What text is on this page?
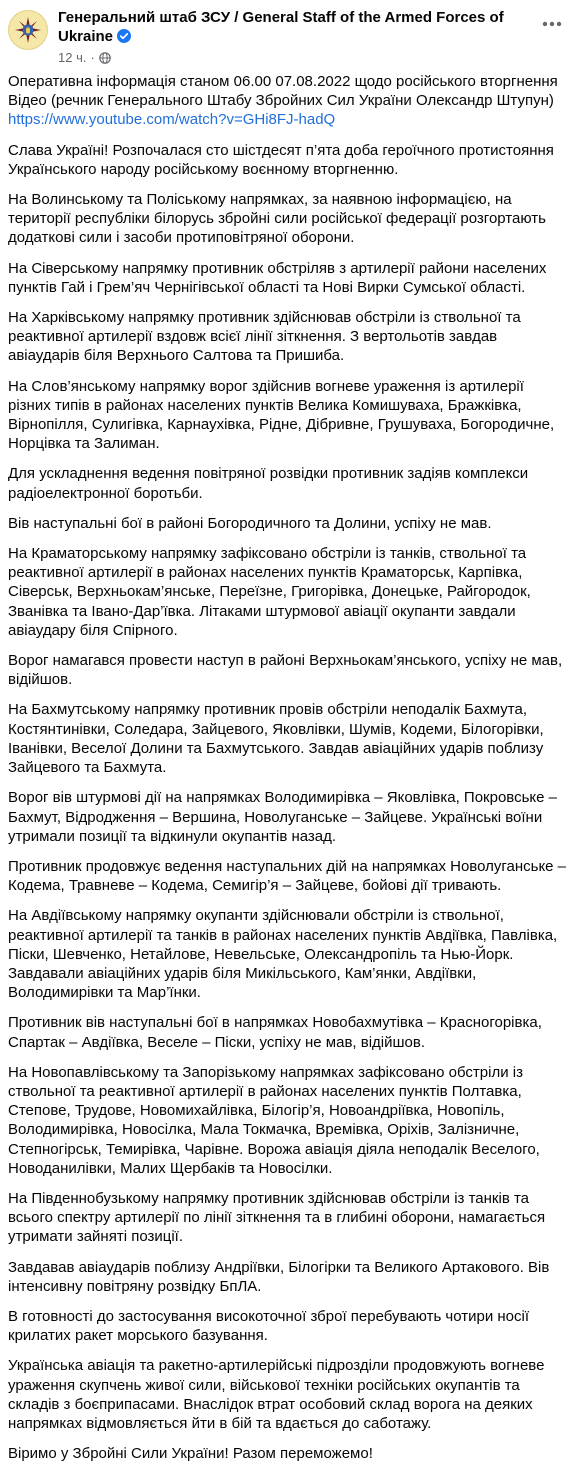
Генеральний штаб ЗСУ / General Staff of the Armed Forces of Ukraine
12 ч. ·

Оперативна інформація станом 06.00 07.08.2022 щодо російського вторгнення Відео (речник Генерального Штабу Збройних Сил України Олександр Штупун)
https://www.youtube.com/watch?v=GHi8FJ-hadQ

Слава Україні! Розпочалася сто шістдесят п’ята доба героїчного протистояння Українського народу російському воєнному вторгненню.

На Волинському та Поліському напрямках, за наявною інформацією, на території республіки білорусь збройні сили російської федерації розгортають додаткові сили і засоби протиповітряної оборони.

На Сіверському напрямку противник обстріляв з артилерії райони населених пунктів Гай і Грем’яч Чернігівської області та Нові Вирки Сумської області.

На Харківському напрямку противник здійснював обстріли із ствольної та реактивної артилерії вздовж всієї лінії зіткнення. З вертольотів завдав авіаударів біля Верхнього Салтова та Пришиба.

На Слов’янському напрямку ворог здійснив вогневе ураження із артилерії різних типів в районах населених пунктів Велика Комишуваха, Бражківка, Вірнопілля, Сулигівка, Карнаухівка, Рідне, Дібривне, Грушуваха, Богородичне, Норцівка та Залиман.

Для ускладнення ведення повітряної розвідки противник задіяв комплекси радіоелектронної боротьби.

Вів наступальні бої в районі Богородичного та Долини, успіху не мав.

На Краматорському напрямку зафіксовано обстріли із танків, ствольної та реактивної артилерії в районах населених пунктів Краматорськ, Карпівка, Сіверськ, Верхньокам’янське, Переїзне, Григорівка, Донецьке, Райгородок, Званівка та Івано-Дар’ївка. Літаками штурмової авіації окупанти завдали авіаудару біля Спірного.

Ворог намагався провести наступ в районі Верхньокам’янського, успіху не мав, відійшов.

На Бахмутському напрямку противник провів обстріли неподалік Бахмута, Костянтинівки, Соледара, Зайцевого, Яковлівки, Шумів, Кодеми, Білогорівки, Іванівки, Веселої Долини та Бахмутського. Завдав авіаційних ударів поблизу Зайцевого та Бахмута.

Ворог вів штурмові дії на напрямках Володимирівка – Яковлівка, Покровське – Бахмут, Відродження – Вершина, Новолуганське – Зайцеве. Українські воїни утримали позиції та відкинули окупантів назад.

Противник продовжує ведення наступальних дій на напрямках Новолуганське – Кодема, Травневе – Кодема, Семигір’я – Зайцеве, бойові дії тривають.

На Авдіївському напрямку окупанти здійснювали обстріли із ствольної, реактивної артилерії та танків в районах населених пунктів Авдіївка, Павлівка, Піски, Шевченко, Нетайлове, Невельське, Олександропіль та Нью-Йорк. Завдавали авіаційних ударів біля Микільського, Кам’янки, Авдіївки, Володимирівки та Мар’їнки.

Противник вів наступальні бої в напрямках Новобахмутівка – Красногорівка, Спартак – Авдіївка, Веселе – Піски, успіху не мав, відійшов.

На Новопавлівському та Запорізькому напрямках зафіксовано обстріли із ствольної та реактивної артилерії в районах населених пунктів Полтавка, Степове, Трудове, Новомихайлівка, Білогір’я, Новоандріївка, Новопіль, Володимирівка, Новосілка, Мала Токмачка, Времівка, Оріхів, Залізничне, Степногірськ, Темирівка, Чарівне. Ворожа авіація діяла неподалік Веселого, Новоданилівки, Малих Щербаків та Новосілки.

На Південнобузькому напрямку противник здійснював обстріли із танків та всього спектру артилерії по лінії зіткнення та в глибині оборони, намагається утримати зайняті позиції.

Завдавав авіаударів поблизу Андріївки, Білогірки та Великого Артакового. Вів інтенсивну повітряну розвідку БпЛА.

В готовності до застосування високоточної зброї перебувають чотири носії крилатих ракет морського базування.

Українська авіація та ракетно-артилерійські підрозділи продовжують вогневе ураження скупчень живої сили, військової техніки російських окупантів та складів з боєприпасами. Внаслідок втрат особовий склад ворога на деяких напрямках відмовляється йти в бій та вдається до саботажу.

Віримо у Збройні Сили України! Разом переможемо!
